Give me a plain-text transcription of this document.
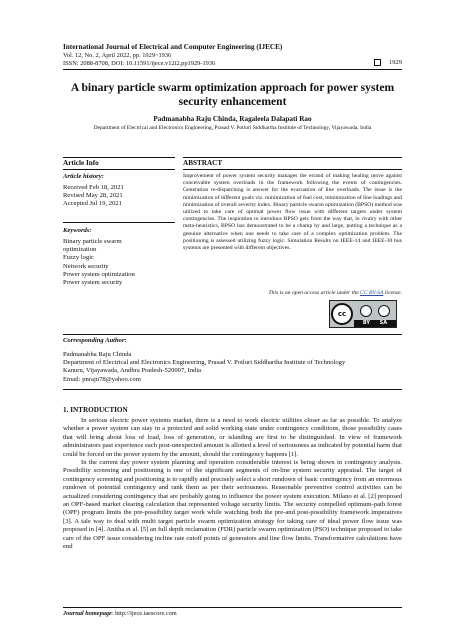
International Journal of Electrical and Computer Engineering (IJECE)
Vol. 12, No. 2, April 2022, pp. 1929~1936
ISSN: 2088-8708, DOI: 10.11591/ijece.v12i2.pp1929-1936	1929
A binary particle swarm optimization approach for power system security enhancement
Padmanabha Raju Chinda, Ragaleela Dalapati Rao
Department of Electrical and Electronics Engineering, Prasad V. Potluri Siddhartha Institute of Technology, Vijayawada, India
Article Info
Article history:
Received Feb 18, 2021
Revised May 28, 2021
Accepted Jul 19, 2021
Keywords:
Binary particle swarm
optimization
Fuzzy logic
Network security
Power system optimization
Power system security
ABSTRACT
Improvement of power system security manages the errand of making healing move against conceivable system overloads in the framework following the events of contingencies. Generation re-dispatching is answer for the evacuation of line overloads. The issue is the minimization of different goals viz. minimization of fuel cost, minimization of line loadings and minimization of overall severity index. Binary particle swarm optimization (BPSO) method was utilized to take care of optimal power flow issue with different targets under system contingencies. The inspiration to introduce BPSO gets from the way that, in rivalry with other meta-heuristics, BPSO has demonstrated to be a champ by and large, putting a technique as a genuine alternative when one needs to take care of a complex optimization problem. The positioning is assessed utilizing fuzzy logic. Simulation Results on IEEE-14 and IEEE-30 bus systems are presented with different objectives.
This is an open access article under the CC BY-SA license.
cc
BY SA
Corresponding Author:
Padmanabha Raju Chinda
Department of Electrical and Electronics Engineering, Prasad V. Potluri Siddhartha Institute of Technology
Kanuru, Vijayawada, Andhra Pradesh-520007, India
Email: pnraju78@yahoo.com
1. INTRODUCTION

In serious electric power systems market, there is a need to work electric utilities closer as far as possible. To analyze whether a power system can stay in a protected and solid working state under contingency conditions, those possibility cases that will bring about loss of load, loss of generation, or islanding are first to be distinguished. In view of framework administrators past experience each post-unexpected amount is allotted a level of seriousness as indicated by potential harm that could be forced on the power system by the amount, should the contingency happens [1].

In the current day power system planning and operation considerable interest is being shown in contingency analysis. Possibility screening and positioning is one of the significant segments of on-line system security appraisal. The target of contingency screening and positioning is to rapidly and precisely select a short rundown of basic contingency from an enormous rundown of potential contingency and rank them as per their seriousness. Reasonable preventive control activities can be actualized considering contingency that are probably going to influence the power system execution. Milano et al. [2] proposed an OPF-based market clearing calculation that represented voltage security limits. The security compelled optimum-path forest (OPF) program limits the pre-possibility target work while watching both the pre-and post-possibility framework imperatives [3]. A tale way to deal with multi target particle swarm optimization strategy for taking care of ideal power flow issue was proposed in [4]. Anitha et al. [5] an full depth reclamation (FDR) particle swarm optimization (PSO) technique proposed to take care of the OPF issue considering incline rate cutoff points of generators and line flow limits. Transformative calculations have end

Journal homepage: http://ijece.iaescore.com
